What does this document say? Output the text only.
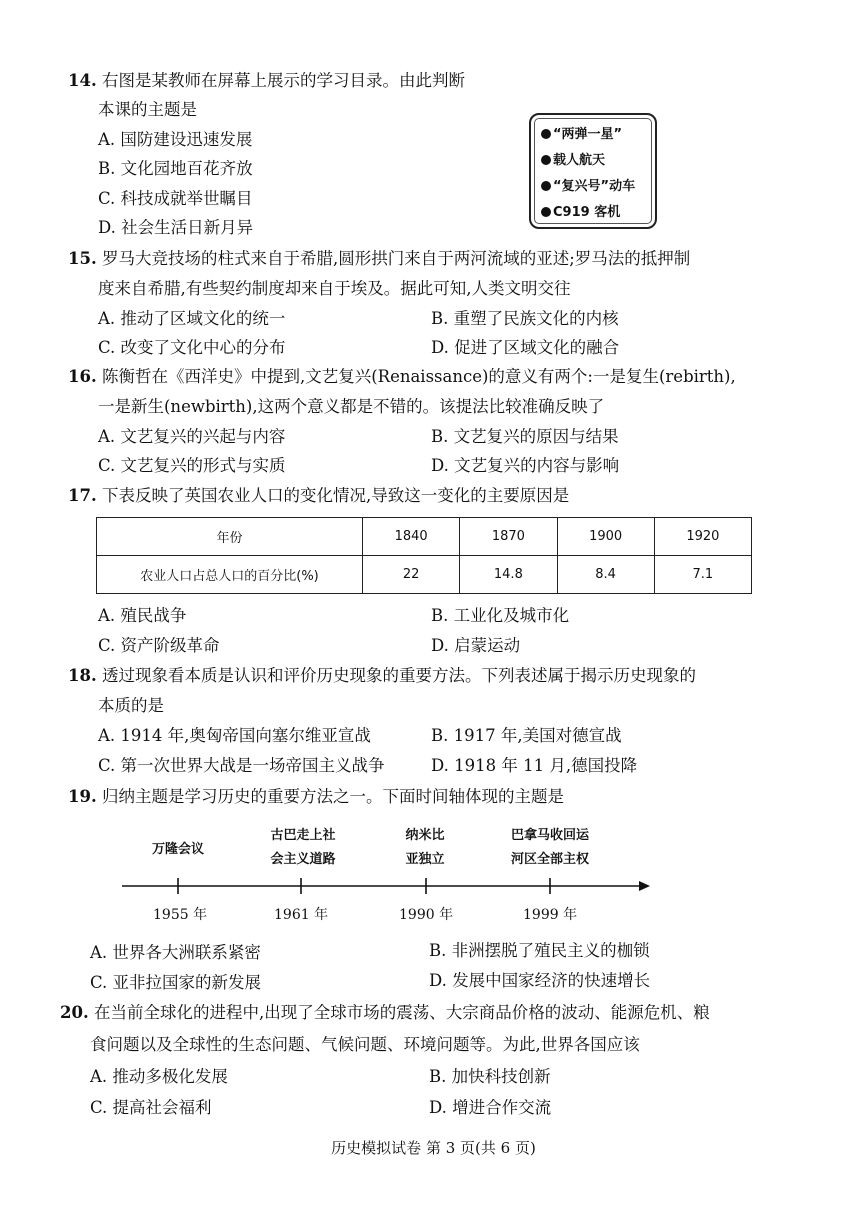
14. 右图是某教师在屏幕上展示的学习目录。由此判断
本课的主题是
A. 国防建设迅速发展
B. 文化园地百花齐放
C. 科技成就举世瞩目
D. 社会生活日新月异
“两弹一星”
载人航天
“复兴号”动车
C919 客机
15. 罗马大竞技场的柱式来自于希腊,圆形拱门来自于两河流域的亚述;罗马法的抵押制
度来自希腊,有些契约制度却来自于埃及。据此可知,人类文明交往
A. 推动了区域文化的统一	B. 重塑了民族文化的内核
C. 改变了文化中心的分布	D. 促进了区域文化的融合
16. 陈衡哲在《西洋史》中提到,文艺复兴(Renaissance)的意义有两个:一是复生(rebirth),
一是新生(newbirth),这两个意义都是不错的。该提法比较准确反映了
A. 文艺复兴的兴起与内容	B. 文艺复兴的原因与结果
C. 文艺复兴的形式与实质	D. 文艺复兴的内容与影响
17. 下表反映了英国农业人口的变化情况,导致这一变化的主要原因是
年份	1840	1870	1900	1920
农业人口占总人口的百分比(%)	22	14.8	8.4	7.1
A. 殖民战争	B. 工业化及城市化
C. 资产阶级革命	D. 启蒙运动
18. 透过现象看本质是认识和评价历史现象的重要方法。下列表述属于揭示历史现象的
本质的是
A. 1914 年,奥匈帝国向塞尔维亚宣战	B. 1917 年,美国对德宣战
C. 第一次世界大战是一场帝国主义战争	D. 1918 年 11 月,德国投降
19. 归纳主题是学习历史的重要方法之一。下面时间轴体现的主题是
万隆会议
古巴走上社
会主义道路
纳米比
亚独立
巴拿马收回运
河区全部主权
1955 年	1961 年	1990 年	1999 年
A. 世界各大洲联系紧密	B. 非洲摆脱了殖民主义的枷锁
C. 亚非拉国家的新发展	D. 发展中国家经济的快速增长
20. 在当前全球化的进程中,出现了全球市场的震荡、大宗商品价格的波动、能源危机、粮
食问题以及全球性的生态问题、气候问题、环境问题等。为此,世界各国应该
A. 推动多极化发展	B. 加快科技创新
C. 提高社会福利	D. 增进合作交流
历史模拟试卷 第 3 页(共 6 页)
